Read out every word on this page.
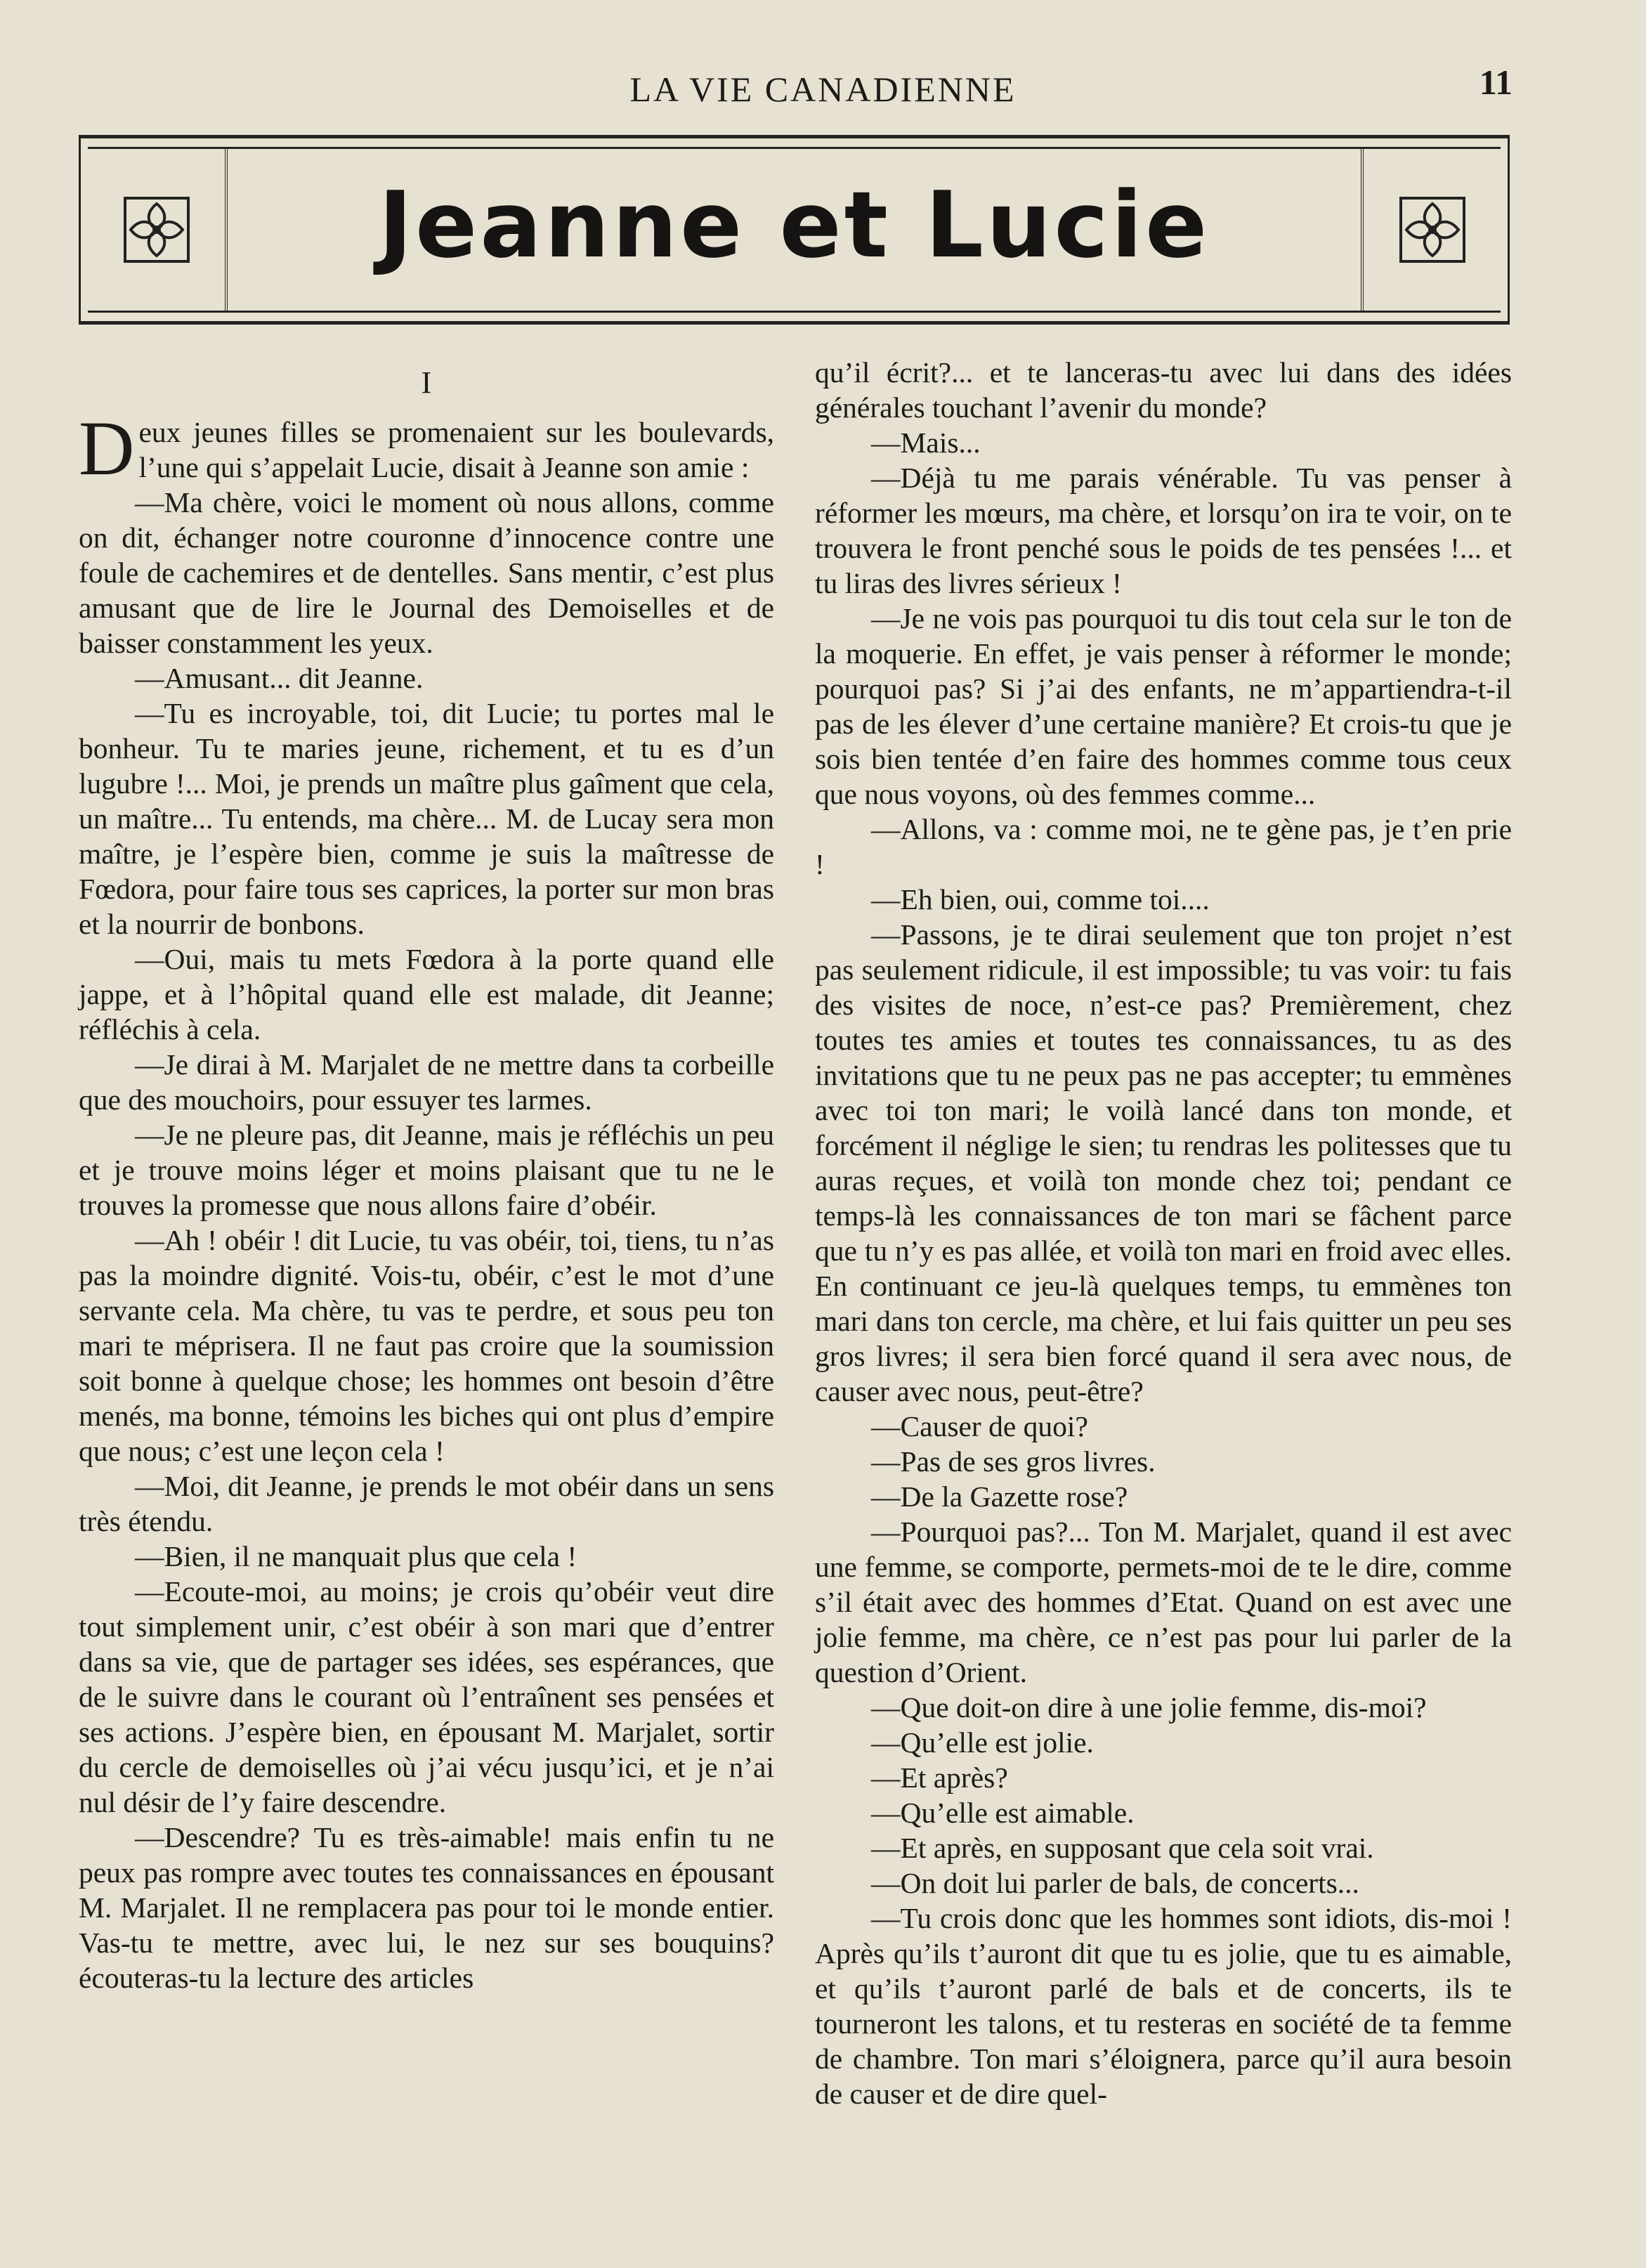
LA VIE CANADIENNE	11
Jeanne et Lucie
I

Deux jeunes filles se promenaient sur les boulevards, l’une qui s’appelait Lucie, disait à Jeanne son amie :

—Ma chère, voici le moment où nous allons, comme on dit, échanger notre couronne d’innocence contre une foule de cachemires et de dentelles. Sans mentir, c’est plus amusant que de lire le Journal des Demoiselles et de baisser constamment les yeux.

—Amusant... dit Jeanne.

—Tu es incroyable, toi, dit Lucie; tu portes mal le bonheur. Tu te maries jeune, richement, et tu es d’un lugubre !... Moi, je prends un maître plus gaîment que cela, un maître... Tu entends, ma chère... M. de Lucay sera mon maître, je l’espère bien, comme je suis la maîtresse de Fœdora, pour faire tous ses caprices, la porter sur mon bras et la nourrir de bonbons.

—Oui, mais tu mets Fœdora à la porte quand elle jappe, et à l’hôpital quand elle est malade, dit Jeanne; réfléchis à cela.

—Je dirai à M. Marjalet de ne mettre dans ta corbeille que des mouchoirs, pour essuyer tes larmes.

—Je ne pleure pas, dit Jeanne, mais je réfléchis un peu et je trouve moins léger et moins plaisant que tu ne le trouves la promesse que nous allons faire d’obéir.

—Ah ! obéir ! dit Lucie, tu vas obéir, toi, tiens, tu n’as pas la moindre dignité. Vois-tu, obéir, c’est le mot d’une servante cela. Ma chère, tu vas te perdre, et sous peu ton mari te méprisera. Il ne faut pas croire que la soumission soit bonne à quelque chose; les hommes ont besoin d’être menés, ma bonne, témoins les biches qui ont plus d’empire que nous; c’est une leçon cela !

—Moi, dit Jeanne, je prends le mot obéir dans un sens très étendu.

—Bien, il ne manquait plus que cela !

—Ecoute-moi, au moins; je crois qu’obéir veut dire tout simplement unir, c’est obéir à son mari que d’entrer dans sa vie, que de partager ses idées, ses espérances, que de le suivre dans le courant où l’entraînent ses pensées et ses actions. J’espère bien, en épousant M. Marjalet, sortir du cercle de demoiselles où j’ai vécu jusqu’ici, et je n’ai nul désir de l’y faire descendre.

—Descendre? Tu es très-aimable! mais enfin tu ne peux pas rompre avec toutes tes connaissances en épousant M. Marjalet. Il ne remplacera pas pour toi le monde entier. Vas-tu te mettre, avec lui, le nez sur ses bouquins? écouteras-tu la lecture des articles

qu’il écrit?... et te lanceras-tu avec lui dans des idées générales touchant l’avenir du monde?

—Mais...

—Déjà tu me parais vénérable. Tu vas penser à réformer les mœurs, ma chère, et lorsqu’on ira te voir, on te trouvera le front penché sous le poids de tes pensées !... et tu liras des livres sérieux !

—Je ne vois pas pourquoi tu dis tout cela sur le ton de la moquerie. En effet, je vais penser à réformer le monde; pourquoi pas? Si j’ai des enfants, ne m’appartiendra-t-il pas de les élever d’une certaine manière? Et crois-tu que je sois bien tentée d’en faire des hommes comme tous ceux que nous voyons, où des femmes comme...

—Allons, va : comme moi, ne te gène pas, je t’en prie !

—Eh bien, oui, comme toi....

—Passons, je te dirai seulement que ton projet n’est pas seulement ridicule, il est impossible; tu vas voir: tu fais des visites de noce, n’est-ce pas? Premièrement, chez toutes tes amies et toutes tes connaissances, tu as des invitations que tu ne peux pas ne pas accepter; tu emmènes avec toi ton mari; le voilà lancé dans ton monde, et forcément il néglige le sien; tu rendras les politesses que tu auras reçues, et voilà ton monde chez toi; pendant ce temps-là les connaissances de ton mari se fâchent parce que tu n’y es pas allée, et voilà ton mari en froid avec elles. En continuant ce jeu-là quelques temps, tu emmènes ton mari dans ton cercle, ma chère, et lui fais quitter un peu ses gros livres; il sera bien forcé quand il sera avec nous, de causer avec nous, peut-être?

—Causer de quoi?

—Pas de ses gros livres.

—De la Gazette rose?

—Pourquoi pas?... Ton M. Marjalet, quand il est avec une femme, se comporte, permets-moi de te le dire, comme s’il était avec des hommes d’Etat. Quand on est avec une jolie femme, ma chère, ce n’est pas pour lui parler de la question d’Orient.

—Que doit-on dire à une jolie femme, dis-moi?

—Qu’elle est jolie.

—Et après?

—Qu’elle est aimable.

—Et après, en supposant que cela soit vrai.

—On doit lui parler de bals, de concerts...

—Tu crois donc que les hommes sont idiots, dis-moi ! Après qu’ils t’auront dit que tu es jolie, que tu es aimable, et qu’ils t’auront parlé de bals et de concerts, ils te tourneront les talons, et tu resteras en société de ta femme de chambre. Ton mari s’éloignera, parce qu’il aura besoin de causer et de dire quel-
